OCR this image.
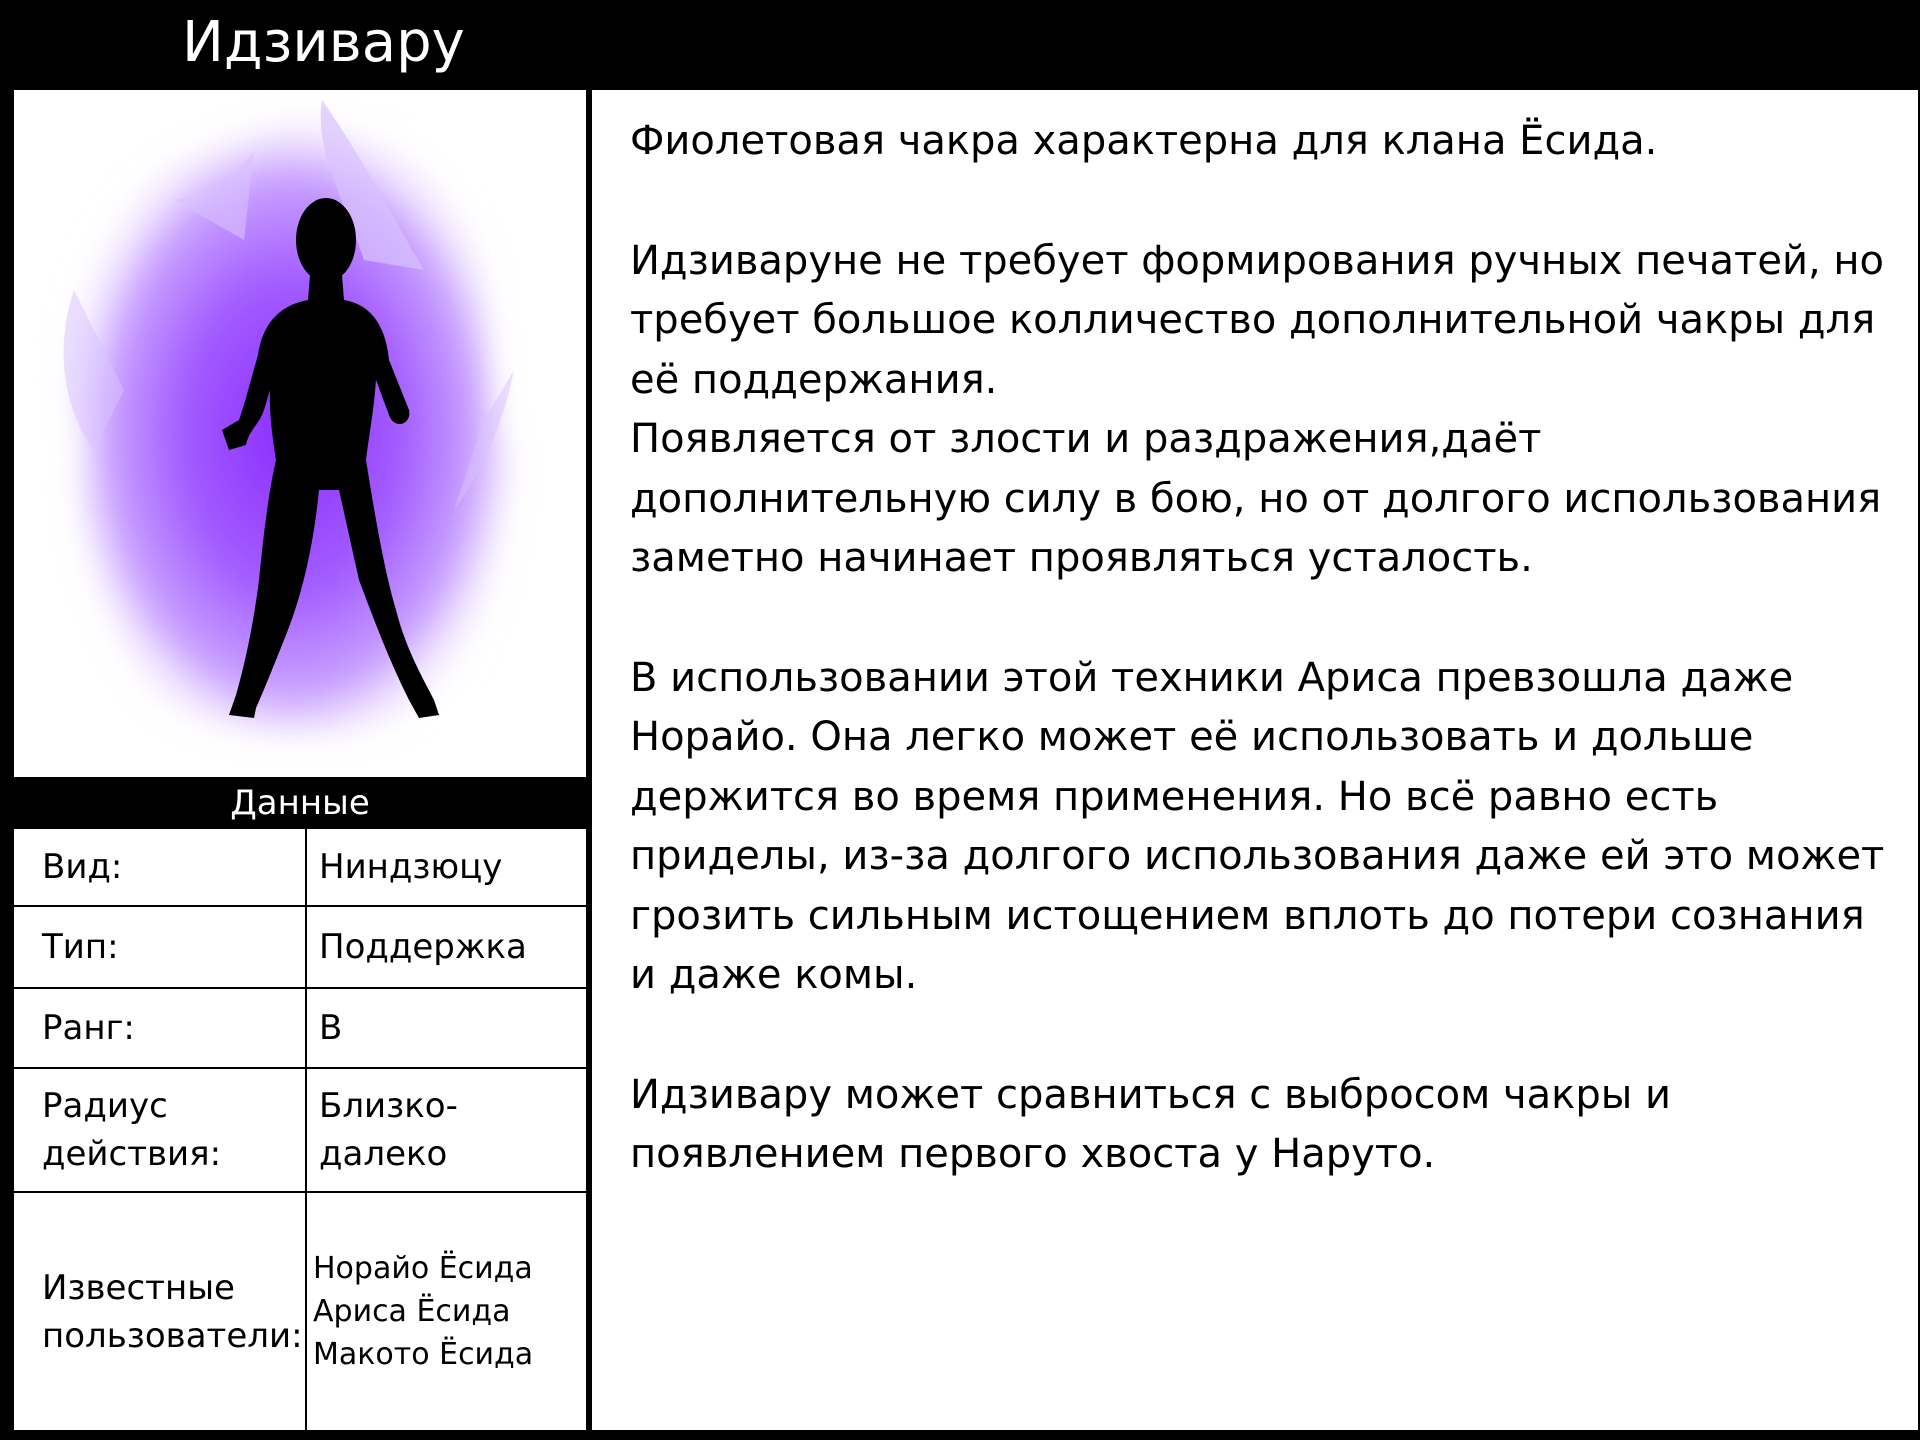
Идзивару
Данные
Вид:	Ниндзюцу
Тип:	Поддержка
Ранг:	B
Радиус действия:
Близко-далеко
Известные пользователи:
Норайо Ёсида
Ариса Ёсида
Макото Ёсида

Фиолетовая чакра характерна для клана Ёсида.

Идзиваруне не требует формирования ручных печатей, но требует большое колличество дополнительной чакры для её поддержания.

Появляется от злости и раздражения,даёт дополнительную силу в бою, но от долгого использования заметно начинает проявляться усталость.

В использовании этой техники Ариса превзошла даже Норайо. Она легко может её использовать и дольше держится во время применения. Но всё равно есть приделы, из-за долгого использования даже ей это может грозить сильным истощением вплоть до потери сознания и даже комы.

Идзивару может сравниться с выбросом чакры и появлением первого хвоста у Наруто.
